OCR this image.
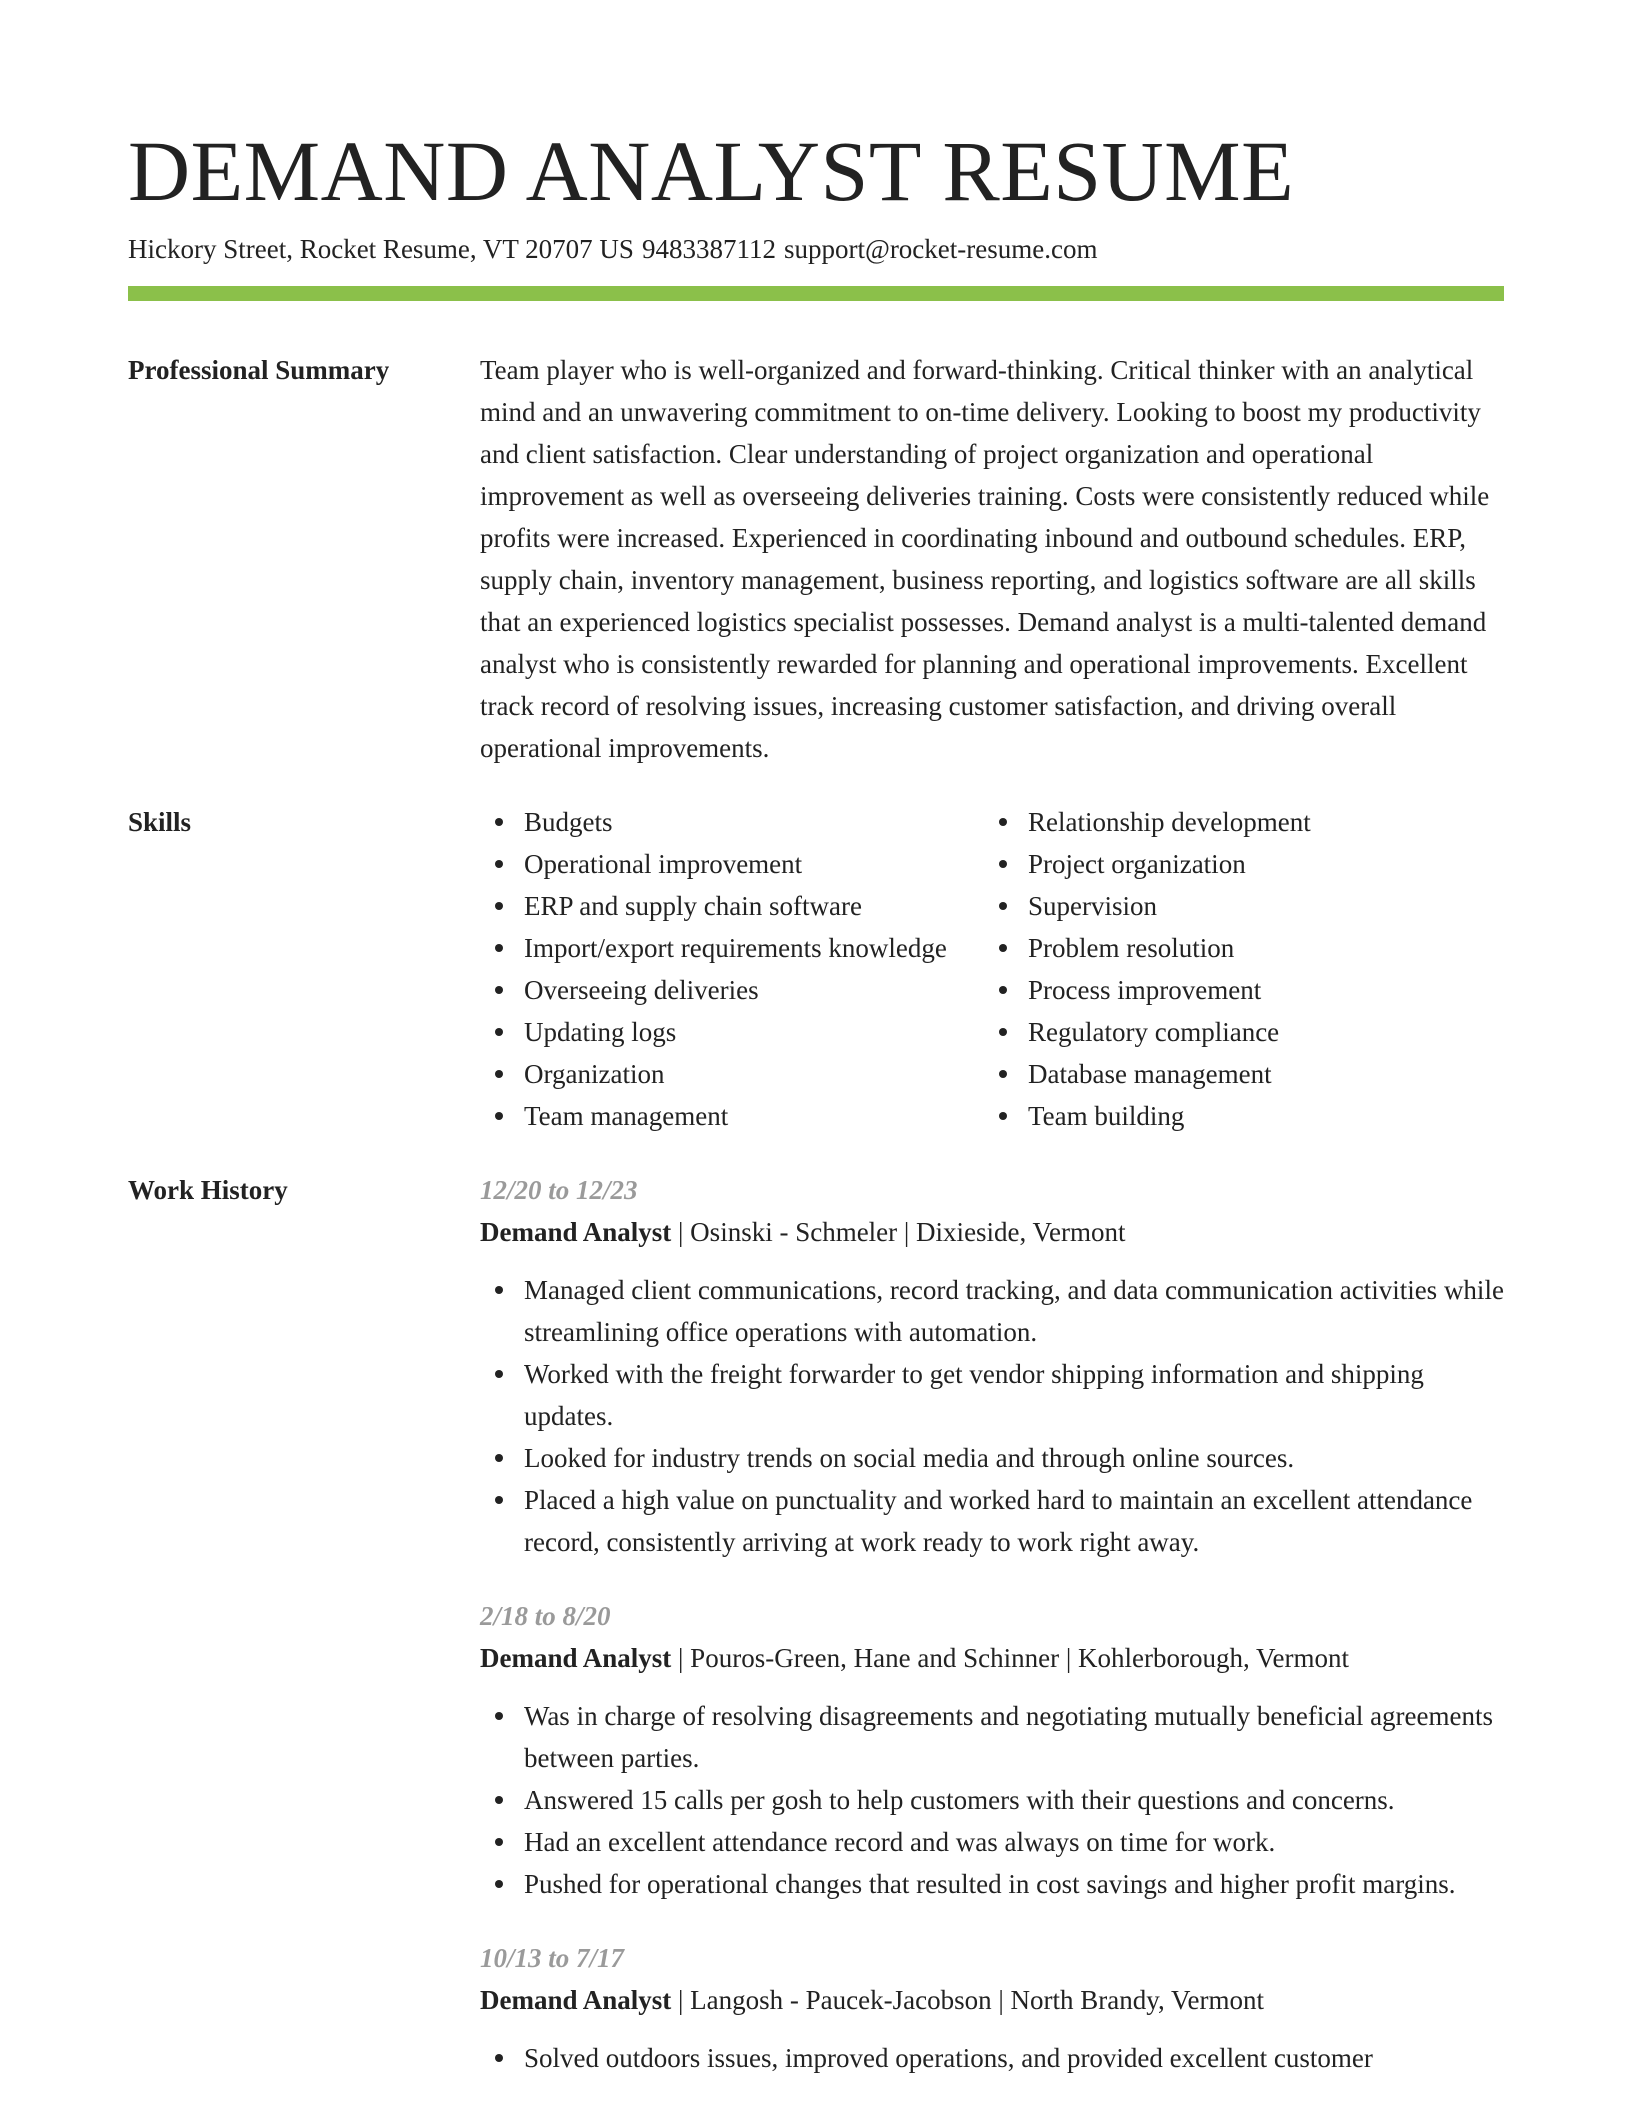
DEMAND ANALYST RESUME
Hickory Street, Rocket Resume, VT 20707 US 9483387112 support@rocket-resume.com
Professional Summary	Team player who is well-organized and forward-thinking. Critical thinker with an analytical mind and an unwavering commitment to on-time delivery. Looking to boost my productivity and client satisfaction. Clear understanding of project organization and operational improvement as well as overseeing deliveries training. Costs were consistently reduced while profits were increased. Experienced in coordinating inbound and outbound schedules. ERP, supply chain, inventory management, business reporting, and logistics software are all skills that an experienced logistics specialist possesses. Demand analyst is a multi-talented demand analyst who is consistently rewarded for planning and operational improvements. Excellent track record of resolving issues, increasing customer satisfaction, and driving overall operational improvements.
Skills	Budgets
Operational improvement
ERP and supply chain software
Import/export requirements knowledge
Overseeing deliveries
Updating logs
Organization
Team management
Relationship development
Project organization
Supervision
Problem resolution
Process improvement
Regulatory compliance
Database management
Team building
Work History	12/20 to 12/23
Demand Analyst | Osinski - Schmeler | Dixieside, Vermont
Managed client communications, record tracking, and data communication activities while streamlining office operations with automation.
Worked with the freight forwarder to get vendor shipping information and shipping updates.
Looked for industry trends on social media and through online sources.
Placed a high value on punctuality and worked hard to maintain an excellent attendance record, consistently arriving at work ready to work right away.
2/18 to 8/20
Demand Analyst | Pouros-Green, Hane and Schinner | Kohlerborough, Vermont
Was in charge of resolving disagreements and negotiating mutually beneficial agreements between parties.
Answered 15 calls per gosh to help customers with their questions and concerns.
Had an excellent attendance record and was always on time for work.
Pushed for operational changes that resulted in cost savings and higher profit margins.
10/13 to 7/17
Demand Analyst | Langosh - Paucek-Jacobson | North Brandy, Vermont
Solved outdoors issues, improved operations, and provided excellent customer
